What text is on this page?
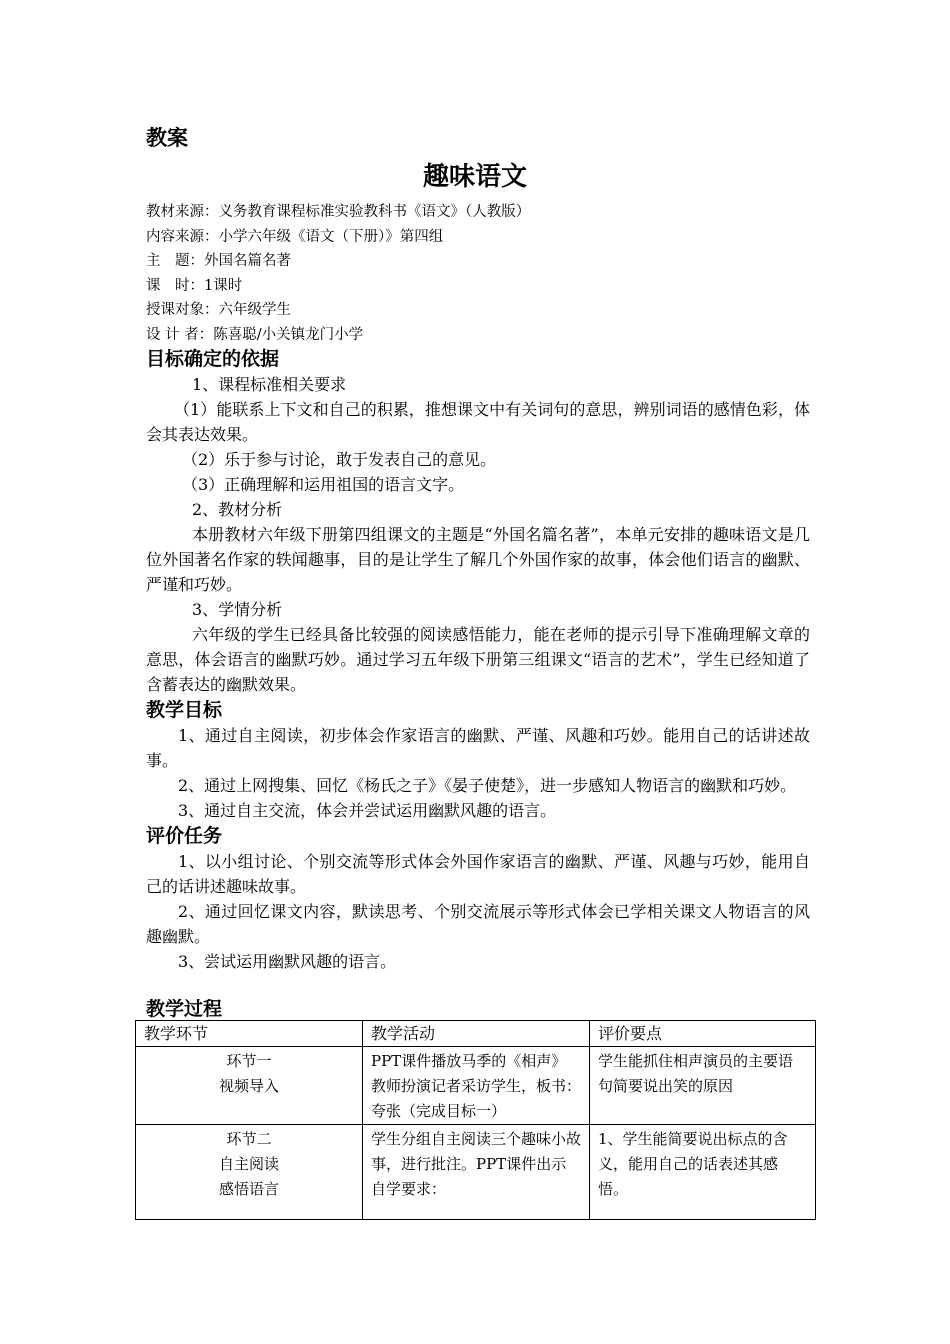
教案
趣味语文
教材来源：义务教育课程标准实验教科书《语文》（人教版）
内容来源：小学六年级《语文（下册）》第四组
主　题：外国名篇名著
课　时：1课时
授课对象：六年级学生
设 计 者：陈喜聪/小关镇龙门小学
目标确定的依据

1、课程标准相关要求

（1）能联系上下文和自己的积累，推想课文中有关词句的意思，辨别词语的感情色彩，体会其表达效果。

（2）乐于参与讨论，敢于发表自己的意见。

（3）正确理解和运用祖国的语言文字。

2、教材分析

本册教材六年级下册第四组课文的主题是“外国名篇名著”，本单元安排的趣味语文是几位外国著名作家的轶闻趣事，目的是让学生了解几个外国作家的故事，体会他们语言的幽默、严谨和巧妙。

3、学情分析

六年级的学生已经具备比较强的阅读感悟能力，能在老师的提示引导下准确理解文章的意思，体会语言的幽默巧妙。通过学习五年级下册第三组课文“语言的艺术”，学生已经知道了含蓄表达的幽默效果。

教学目标

1、通过自主阅读，初步体会作家语言的幽默、严谨、风趣和巧妙。能用自己的话讲述故事。

2、通过上网搜集、回忆《杨氏之子》《晏子使楚》，进一步感知人物语言的幽默和巧妙。

3、通过自主交流，体会并尝试运用幽默风趣的语言。

评价任务

1、以小组讨论、个别交流等形式体会外国作家语言的幽默、严谨、风趣与巧妙，能用自己的话讲述趣味故事。

2、通过回忆课文内容，默读思考、个别交流展示等形式体会已学相关课文人物语言的风趣幽默。

3、尝试运用幽默风趣的语言。

教学过程
教学环节	教学活动	评价要点

环节一
视频导入	PPT课件播放马季的《相声》教师扮演记者采访学生，板书：夸张（完成目标一）	学生能抓住相声演员的主要语句简要说出笑的原因

环节二
自主阅读
感悟语言	学生分组自主阅读三个趣味小故事，进行批注。PPT课件出示自学要求：	1、学生能简要说出标点的含义，能用自己的话表述其感悟。
